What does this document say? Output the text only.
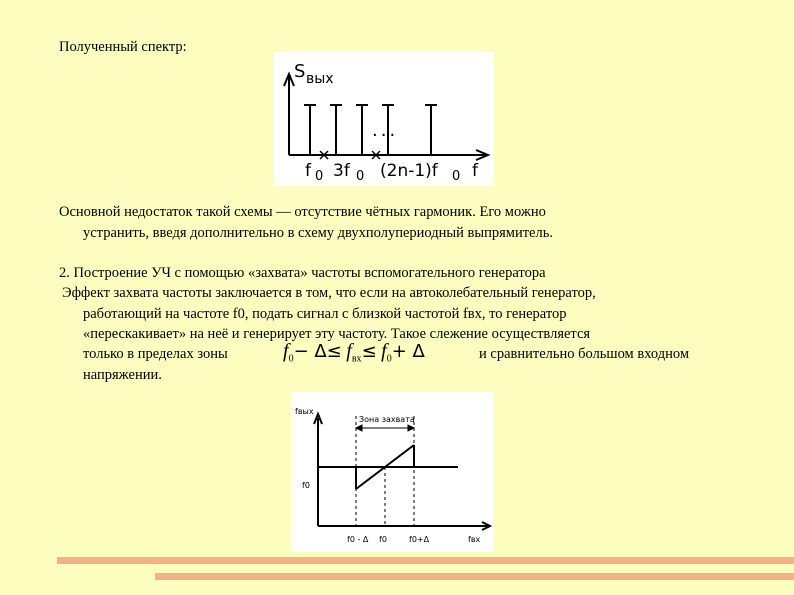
Полученный спектр:
S вых
...
f 0 3f 0 (2n-1)f 0 f
Основной недостаток такой схемы — отсутствие чётных гармоник. Его можно
устранить, введя дополнительно в схему двухполупериодный выпрямитель.
2. Построение УЧ с помощью «захвата» частоты вспомогательного генератора
Эффект захвата частоты заключается в том, что если на автоколебательный генератор,
работающий на частоте f0, подать сигнал с близкой частотой fвх, то генератор
«перескакивает» на неё и генерирует эту частоту. Такое слежение осуществляется
только в пределах зоны	$f_0- \Delta\le f_{вх}\le f_0+ \Delta$	и сравнительно большом входном
напряжении.
fвых
Зона захвата
f0
f0 - Δ f0	f0+Δ	fвх
